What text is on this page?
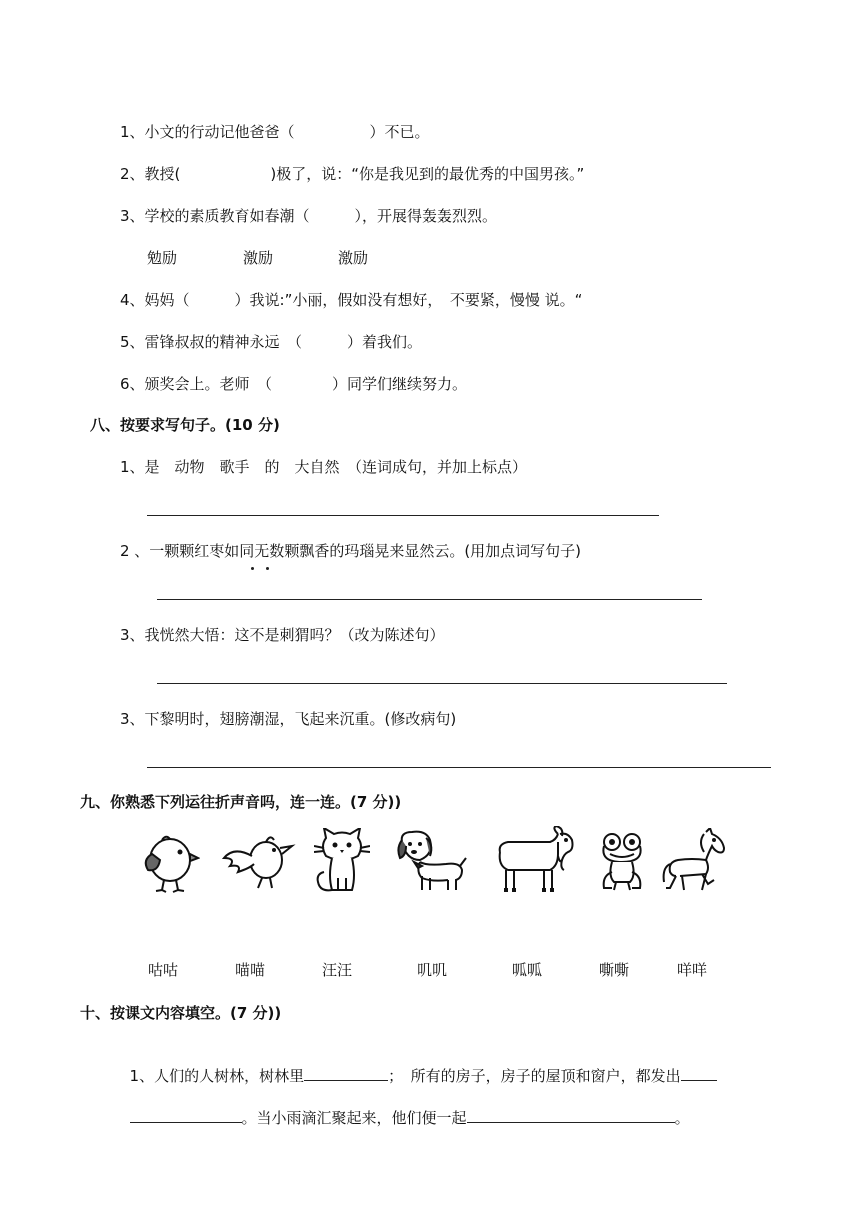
1、小文的行动记他爸爸（　　　　　）不已。
2、教授(　　　　　　)极了，说：“你是我见到的最优秀的中国男孩。”
3、学校的素质教育如春潮（　　　），开展得轰轰烈烈。
勉励	激励	激励
4、妈妈（　　　）我说:”小丽，假如没有想好，　不要紧，慢慢 说。“
5、雷锋叔叔的精神永远　（　　　）着我们。
6、颁奖会上。老师　（　　　　）同学们继续努力。
八、按要求写句子。(10 分)
1、是　动物　歌手　的　大自然　（连词成句，并加上标点）
2 、一颗颗红枣如同无数颗飘香的玛瑙晃来显然云。(用加点词写句子)
3、我恍然大悟：这不是刺猬吗？（改为陈述句）
3、下黎明时，翅膀潮湿，飞起来沉重。(修改病句)
九、你熟悉下列运往折声音吗，连一连。(7 分))
咕咕	喵喵	汪汪	叽叽	呱呱	嘶嘶	咩咩
十、按课文内容填空。(7 分))

1、人们的人树林，树林里	；　所有的房子，房子的屋顶和窗户，都发出

。当小雨滴汇聚起来，他们便一起	。
